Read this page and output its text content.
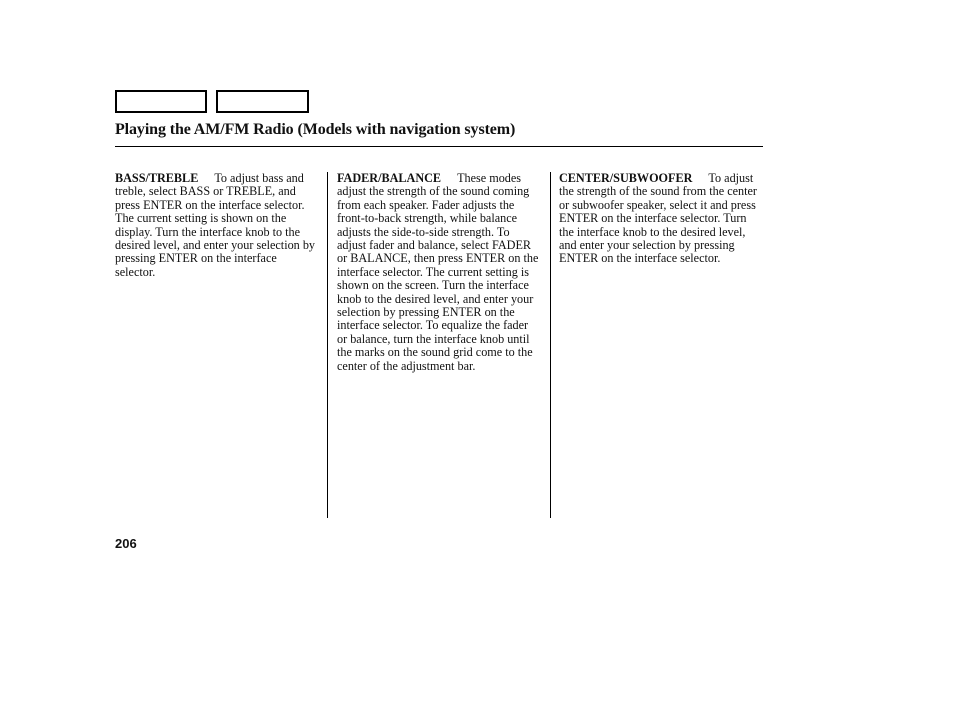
Playing the AM/FM Radio (Models with navigation system)
BASS/TREBLE To adjust bass and treble, select BASS or TREBLE, and press ENTER on the interface selector. The current setting is shown on the display. Turn the interface knob to the desired level, and enter your selection by pressing ENTER on the interface selector.
FADER/BALANCE These modes adjust the strength of the sound coming from each speaker. Fader adjusts the front-to-back strength, while balance adjusts the side-to-side strength. To adjust fader and balance, select FADER or BALANCE, then press ENTER on the interface selector. The current setting is shown on the screen. Turn the interface knob to the desired level, and enter your selection by pressing ENTER on the interface selector. To equalize the fader or balance, turn the interface knob until the marks on the sound grid come to the center of the adjustment bar.
CENTER/SUBWOOFER To adjust the strength of the sound from the center or subwoofer speaker, select it and press ENTER on the interface selector. Turn the interface knob to the desired level, and enter your selection by pressing ENTER on the interface selector.
206
